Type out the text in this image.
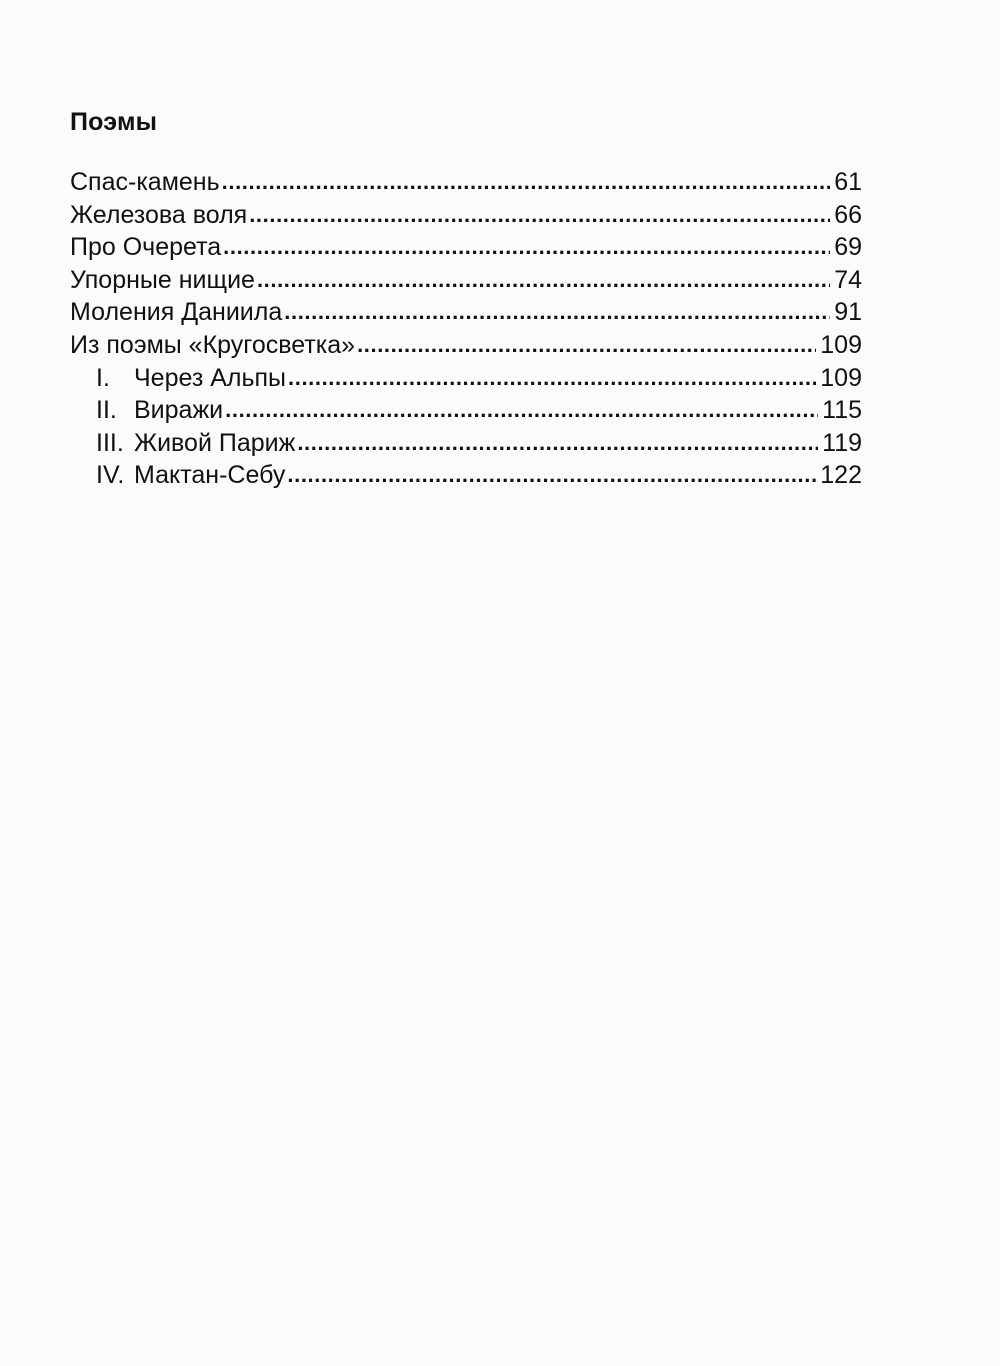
Поэмы
Спас-камень .....	61
Железова воля .....	66
Про Очерета .....	69
Упорные нищие .....	74
Моления Даниила .....	91
Из поэмы «Кругосветка» .....	109
I. Через Альпы .....	109
II. Виражи .....	115
III. Живой Париж .....	119
IV. Мактан-Себу .....	122
